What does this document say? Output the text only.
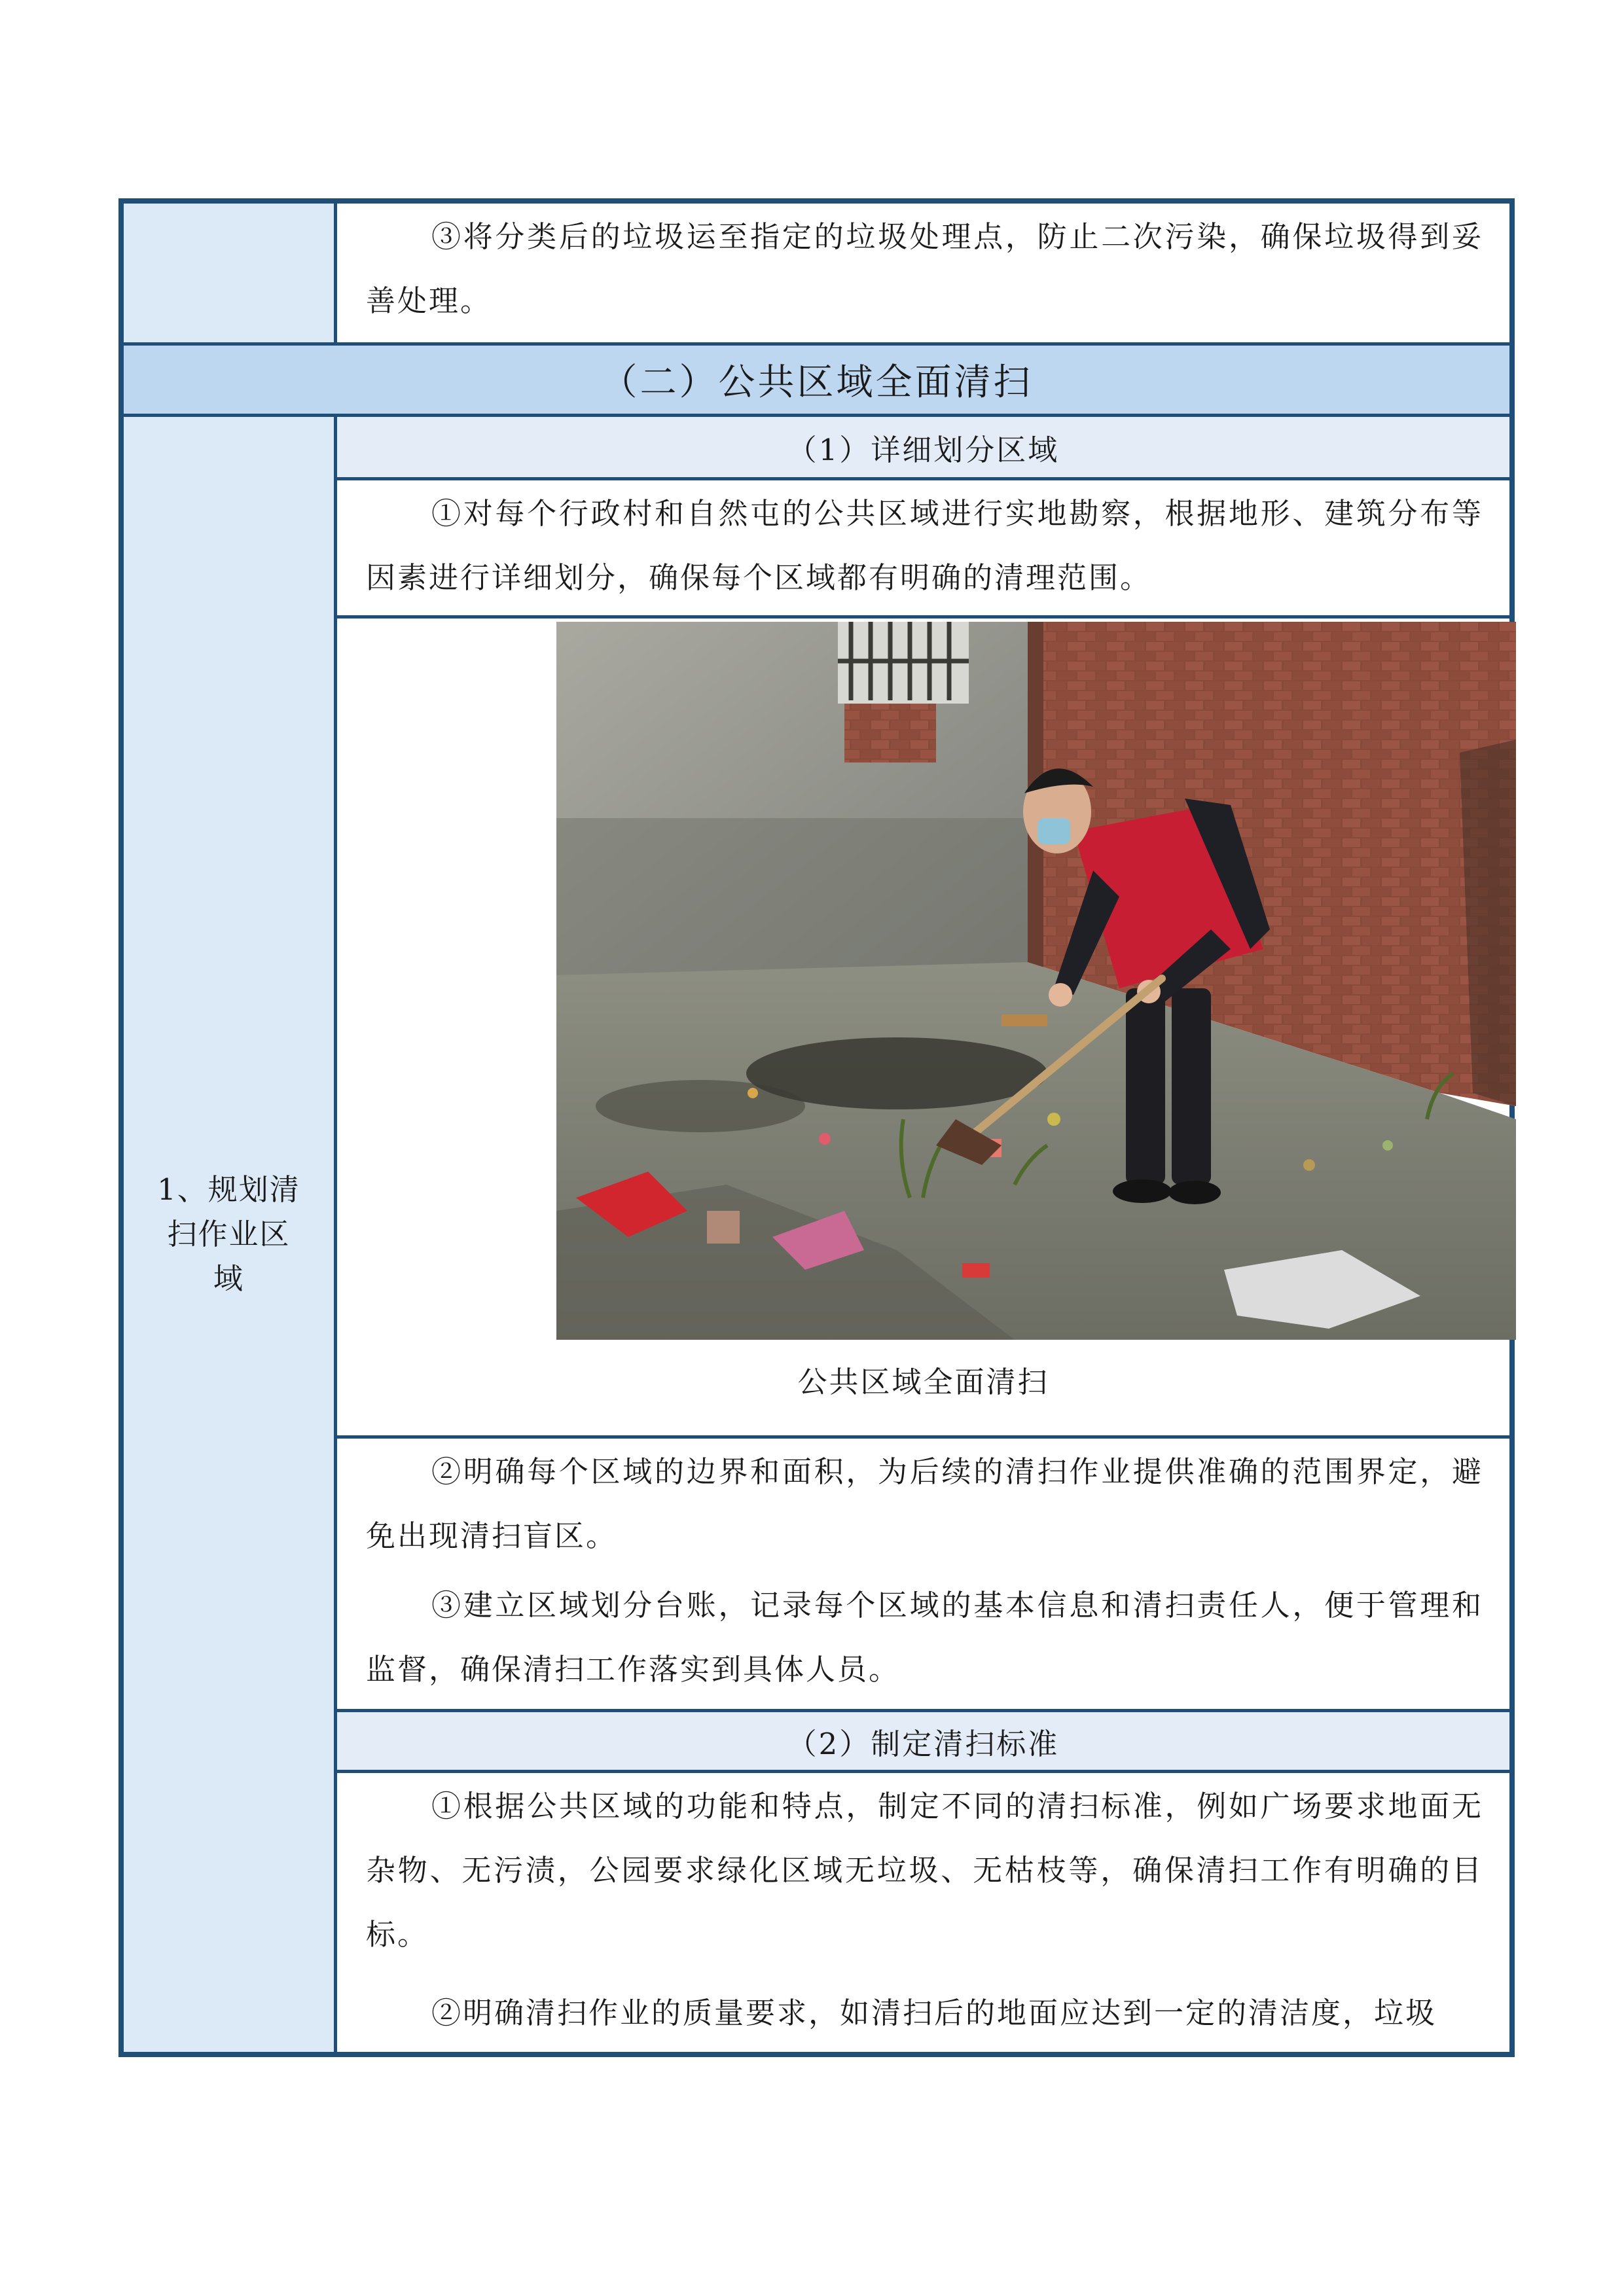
③将分类后的垃圾运至指定的垃圾处理点，防止二次污染，确保垃圾得到妥善处理。

（二）公共区域全面清扫
1、规划清扫作业区域
（1）详细划分区域

①对每个行政村和自然屯的公共区域进行实地勘察，根据地形、建筑分布等因素进行详细划分，确保每个区域都有明确的清理范围。

公共区域全面清扫

②明确每个区域的边界和面积，为后续的清扫作业提供准确的范围界定，避免出现清扫盲区。

③建立区域划分台账，记录每个区域的基本信息和清扫责任人，便于管理和监督，确保清扫工作落实到具体人员。

（2）制定清扫标准

①根据公共区域的功能和特点，制定不同的清扫标准，例如广场要求地面无杂物、无污渍，公园要求绿化区域无垃圾、无枯枝等，确保清扫工作有明确的目标。

②明确清扫作业的质量要求，如清扫后的地面应达到一定的清洁度，垃圾
